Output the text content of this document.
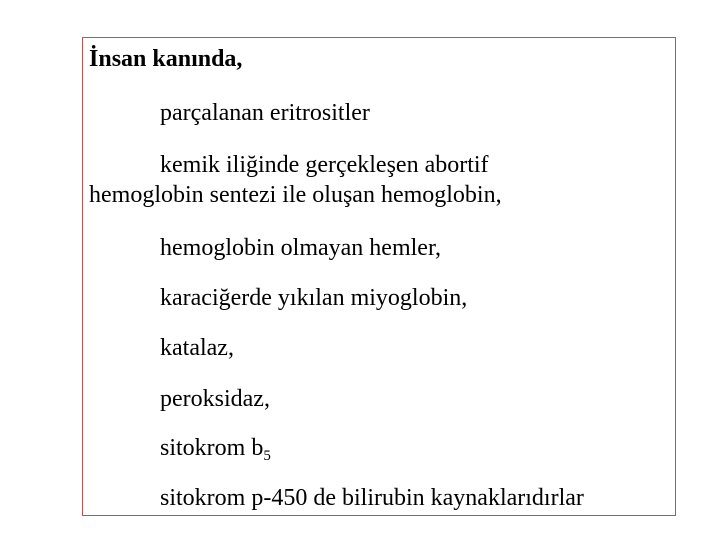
İnsan kanında,
parçalanan eritrositler
kemik iliğinde gerçekleşen abortif
hemoglobin sentezi ile oluşan hemoglobin,
hemoglobin olmayan hemler,
karaciğerde yıkılan miyoglobin,
katalaz,
peroksidaz,
sitokrom $b_5$
sitokrom p-450 de bilirubin kaynaklarıdırlar
